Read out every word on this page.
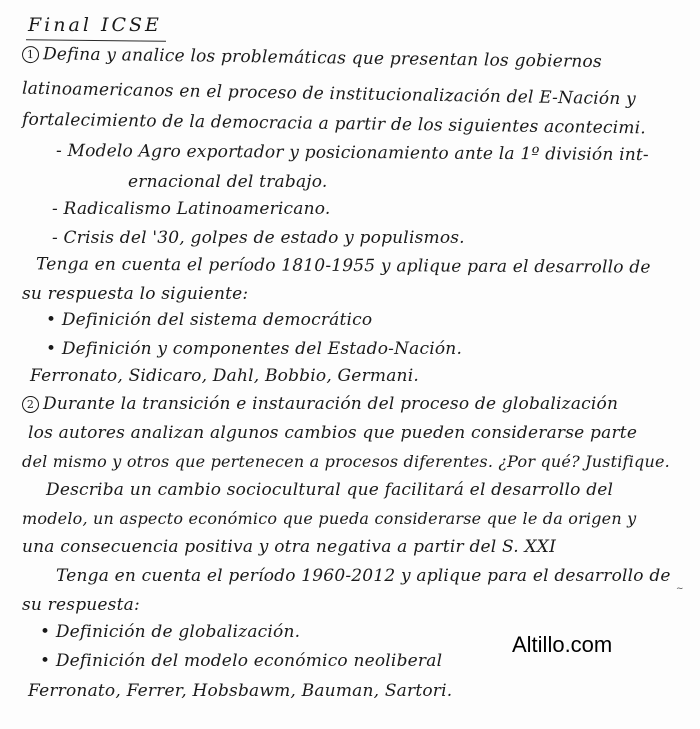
Final ICSE
1 Defina y analice los problemáticas que presentan los gobiernos
latinoamericanos en el proceso de institucionalización del E-Nación y
fortalecimiento de la democracia a partir de los siguientes acontecimi.
- Modelo Agro exportador y posicionamiento ante la 1º división int-
ernacional del trabajo.
- Radicalismo Latinoamericano.
- Crisis del '30, golpes de estado y populismos.
Tenga en cuenta el período 1810-1955 y aplique para el desarrollo de
su respuesta lo siguiente:
• Definición del sistema democrático
• Definición y componentes del Estado-Nación.
Ferronato, Sidicaro, Dahl, Bobbio, Germani.
2 Durante la transición e instauración del proceso de globalización
los autores analizan algunos cambios que pueden considerarse parte
del mismo y otros que pertenecen a procesos diferentes. ¿Por qué? Justifique.
Describa un cambio sociocultural que facilitará el desarrollo del
modelo, un aspecto económico que pueda considerarse que le da origen y
una consecuencia positiva y otra negativa a partir del S. XXI
Tenga en cuenta el período 1960-2012 y aplique para el desarrollo de
su respuesta:
• Definición de globalización.
• Definición del modelo económico neoliberal
Ferronato, Ferrer, Hobsbawm, Bauman, Sartori.
~
Altillo.com
